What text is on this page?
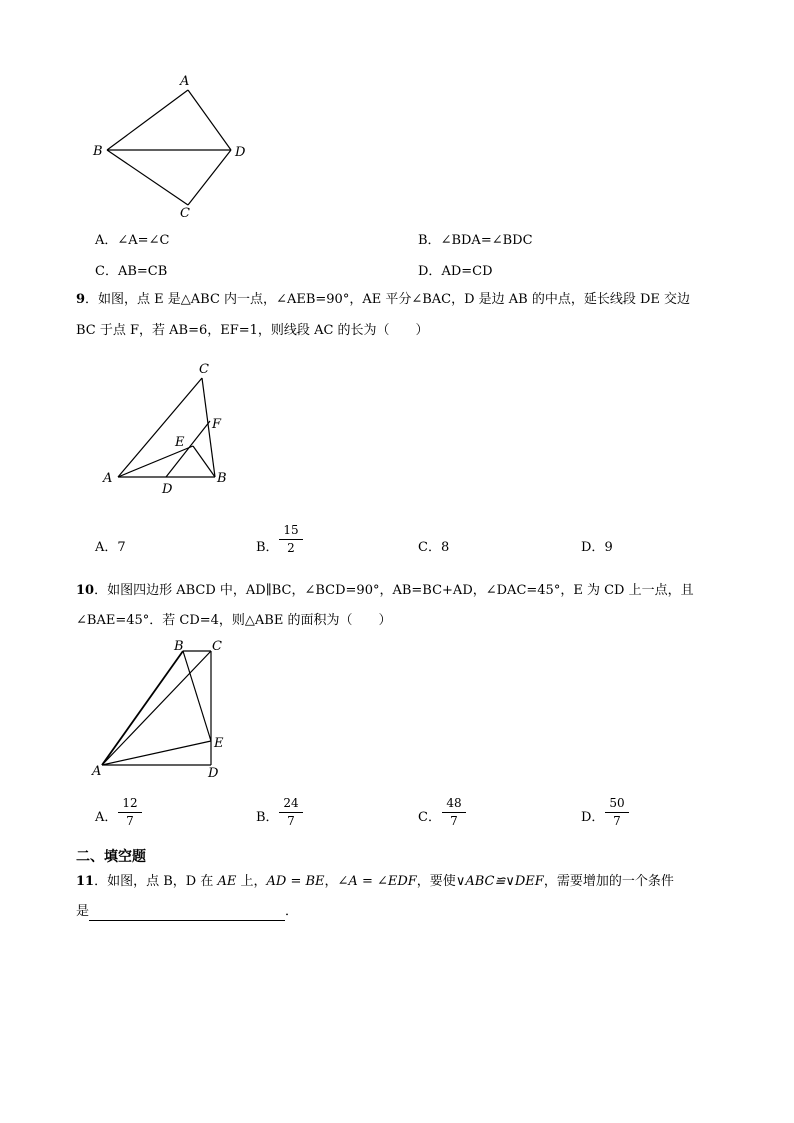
A
B	D
C
A．∠A=∠C	B．∠BDA=∠BDC
C．AB=CB	D．AD=CD
9．如图，点 E 是△ABC 内一点，∠AEB=90°，AE 平分∠BAC，D 是边 AB 的中点，延长线段 DE 交边
BC 于点 F，若 AB=6，EF=1，则线段 AC 的长为（　　）
C
F
E
A	B
D
A．7	B．
15
2	C．8	D．9
10．如图四边形 ABCD 中，AD∥BC，∠BCD=90°，AB=BC+AD，∠DAC=45°，E 为 CD 上一点，且
∠BAE=45°．若 CD=4，则△ABE 的面积为（　　）
B C
E
A	D
A．
12
7	B．
24
7	C．
48
7	D．
50
7
二、填空题
11．如图，点 B，D 在 AE 上，AD = BE，∠A = ∠EDF，要使∨ABC≌∨DEF，需要增加的一个条件
是	．
